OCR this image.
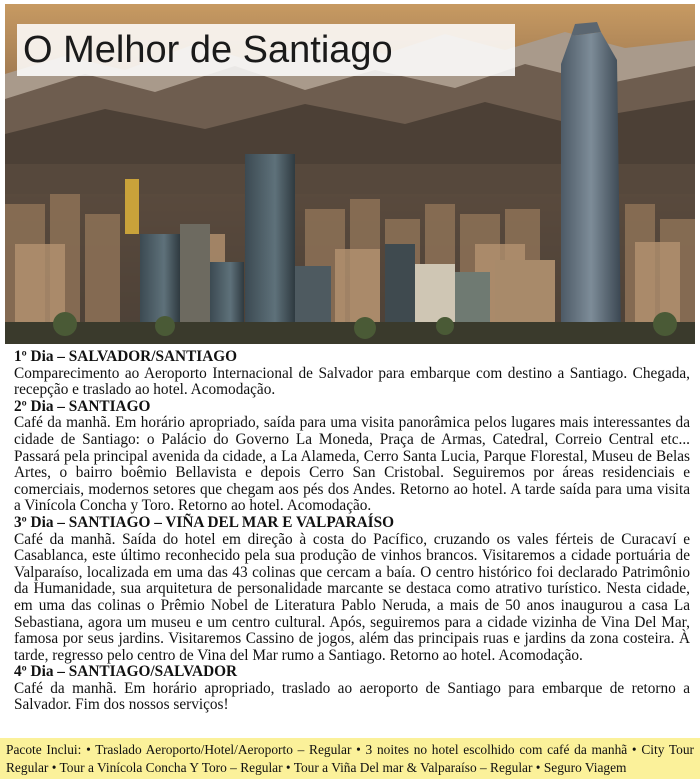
O Melhor de Santiago
1º Dia – SALVADOR/SANTIAGO
Comparecimento ao Aeroporto Internacional de Salvador para embarque com destino a Santiago. Chegada, recepção e traslado ao hotel. Acomodação.
2º Dia – SANTIAGO
Café da manhã. Em horário apropriado, saída para uma visita panorâmica pelos lugares mais interessantes da cidade de Santiago: o Palácio do Governo La Moneda, Praça de Armas, Catedral, Correio Central etc... Passará pela principal avenida da cidade, a La Alameda, Cerro Santa Lucia, Parque Florestal, Museu de Belas Artes, o bairro boêmio Bellavista e depois Cerro San Cristobal. Seguiremos por áreas residenciais e comerciais, modernos setores que chegam aos pés dos Andes. Retorno ao hotel. A tarde saída para uma visita a Vinícola Concha y Toro. Retorno ao hotel. Acomodação.
3º Dia – SANTIAGO – VIÑA DEL MAR E VALPARAÍSO
Café da manhã. Saída do hotel em direção à costa do Pacífico, cruzando os vales férteis de Curacaví e Casablanca, este último reconhecido pela sua produção de vinhos brancos. Visitaremos a cidade portuária de Valparaíso, localizada em uma das 43 colinas que cercam a baía. O centro histórico foi declarado Patrimônio da Humanidade, sua arquitetura de personalidade marcante se destaca como atrativo turístico. Nesta cidade, em uma das colinas o Prêmio Nobel de Literatura Pablo Neruda, a mais de 50 anos inaugurou a casa La Sebastiana, agora um museu e um centro cultural. Após, seguiremos para a cidade vizinha de Vina Del Mar, famosa por seus jardins. Visitaremos Cassino de jogos, além das principais ruas e jardins da zona costeira. À tarde, regresso pelo centro de Vina del Mar rumo a Santiago. Retorno ao hotel. Acomodação.
4º Dia – SANTIAGO/SALVADOR
Café da manhã. Em horário apropriado, traslado ao aeroporto de Santiago para embarque de retorno a Salvador. Fim dos nossos serviços!
Pacote Inclui: • Traslado Aeroporto/Hotel/Aeroporto – Regular • 3 noites no hotel escolhido com café da manhã • City Tour Regular • Tour a Vinícola Concha Y Toro – Regular • Tour a Viña Del mar & Valparaíso – Regular • Seguro Viagem
